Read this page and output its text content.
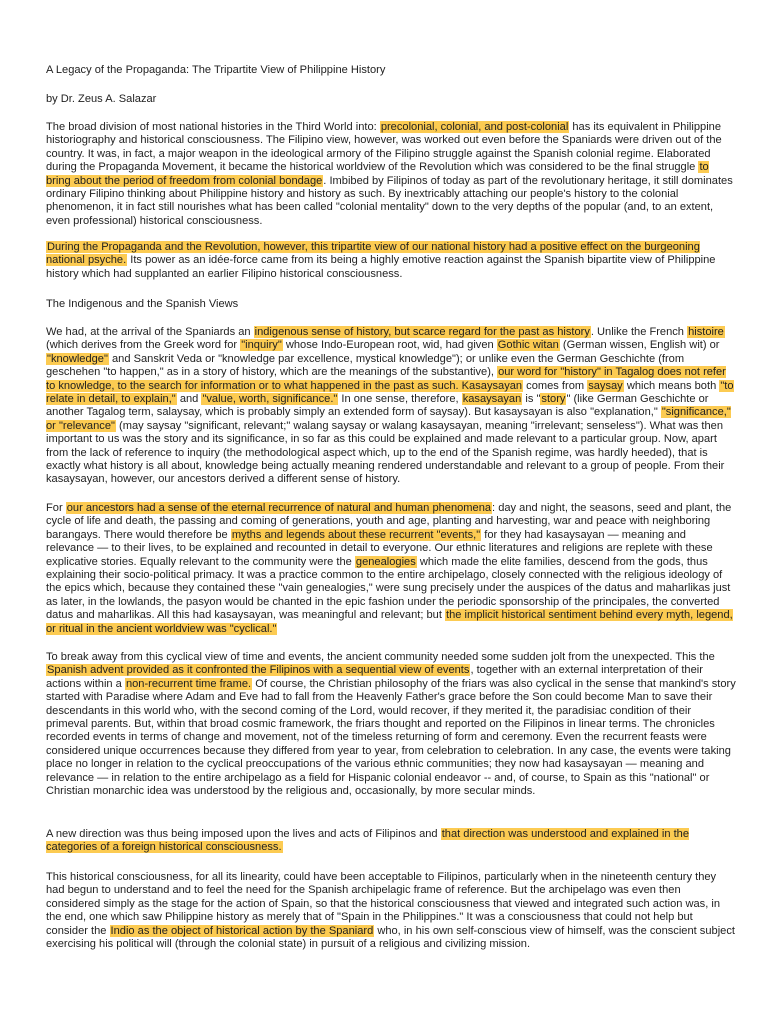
A Legacy of the Propaganda: The Tripartite View of Philippine History
by Dr. Zeus A. Salazar

The broad division of most national histories in the Third World into: precolonial, colonial, and post-colonial has its equivalent in Philippine historiography and historical consciousness. The Filipino view, however, was worked out even before the Spaniards were driven out of the country. It was, in fact, a major weapon in the ideological armory of the Filipino struggle against the Spanish colonial regime. Elaborated during the Propaganda Movement, it became the historical worldview of the Revolution which was considered to be the final struggle to bring about the period of freedom from colonial bondage. Imbibed by Filipinos of today as part of the revolutionary heritage, it still dominates ordinary Filipino thinking about Philippine history and history as such. By inextricably attaching our people's history to the colonial phenomenon, it in fact still nourishes what has been called "colonial mentality" down to the very depths of the popular (and, to an extent, even professional) historical consciousness.

During the Propaganda and the Revolution, however, this tripartite view of our national history had a positive effect on the burgeoning national psyche. Its power as an idée-force came from its being a highly emotive reaction against the Spanish bipartite view of Philippine history which had supplanted an earlier Filipino historical consciousness.

The Indigenous and the Spanish Views

We had, at the arrival of the Spaniards an indigenous sense of history, but scarce regard for the past as history. Unlike the French histoire (which derives from the Greek word for "inquiry" whose Indo-European root, wid, had given Gothic witan (German wissen, English wit) or "knowledge" and Sanskrit Veda or "knowledge par excellence, mystical knowledge"); or unlike even the German Geschichte (from geschehen "to happen," as in a story of history, which are the meanings of the substantive), our word for "history" in Tagalog does not refer to knowledge, to the search for information or to what happened in the past as such. Kasaysayan comes from saysay which means both "to relate in detail, to explain," and "value, worth, significance." In one sense, therefore, kasaysayan is "story" (like German Geschichte or another Tagalog term, salaysay, which is probably simply an extended form of saysay). But kasaysayan is also "explanation," "significance," or "relevance" (may saysay "significant, relevant;" walang saysay or walang kasaysayan, meaning "irrelevant; senseless"). What was then important to us was the story and its significance, in so far as this could be explained and made relevant to a particular group. Now, apart from the lack of reference to inquiry (the methodological aspect which, up to the end of the Spanish regime, was hardly heeded), that is exactly what history is all about, knowledge being actually meaning rendered understandable and relevant to a group of people. From their kasaysayan, however, our ancestors derived a different sense of history.

For our ancestors had a sense of the eternal recurrence of natural and human phenomena: day and night, the seasons, seed and plant, the cycle of life and death, the passing and coming of generations, youth and age, planting and harvesting, war and peace with neighboring barangays. There would therefore be myths and legends about these recurrent "events," for they had kasaysayan — meaning and relevance — to their lives, to be explained and recounted in detail to everyone. Our ethnic literatures and religions are replete with these explicative stories. Equally relevant to the community were the genealogies which made the elite families, descend from the gods, thus explaining their socio-political primacy. It was a practice common to the entire archipelago, closely connected with the religious ideology of the epics which, because they contained these "vain genealogies," were sung precisely under the auspices of the datus and maharlikas just as later, in the lowlands, the pasyon would be chanted in the epic fashion under the periodic sponsorship of the principales, the converted datus and maharlikas. All this had kasaysayan, was meaningful and relevant; but the implicit historical sentiment behind every myth, legend, or ritual in the ancient worldview was "cyclical."

To break away from this cyclical view of time and events, the ancient community needed some sudden jolt from the unexpected. This the Spanish advent provided as it confronted the Filipinos with a sequential view of events, together with an external interpretation of their actions within a non-recurrent time frame. Of course, the Christian philosophy of the friars was also cyclical in the sense that mankind's story started with Paradise where Adam and Eve had to fall from the Heavenly Father's grace before the Son could become Man to save their descendants in this world who, with the second coming of the Lord, would recover, if they merited it, the paradisiac condition of their primeval parents. But, within that broad cosmic framework, the friars thought and reported on the Filipinos in linear terms. The chronicles recorded events in terms of change and movement, not of the timeless returning of form and ceremony. Even the recurrent feasts were considered unique occurrences because they differed from year to year, from celebration to celebration. In any case, the events were taking place no longer in relation to the cyclical preoccupations of the various ethnic communities; they now had kasaysayan — meaning and relevance — in relation to the entire archipelago as a field for Hispanic colonial endeavor -- and, of course, to Spain as this "national" or Christian monarchic idea was understood by the religious and, occasionally, by more secular minds.

A new direction was thus being imposed upon the lives and acts of Filipinos and that direction was understood and explained in the categories of a foreign historical consciousness.

This historical consciousness, for all its linearity, could have been acceptable to Filipinos, particularly when in the nineteenth century they had begun to understand and to feel the need for the Spanish archipelagic frame of reference. But the archipelago was even then considered simply as the stage for the action of Spain, so that the historical consciousness that viewed and integrated such action was, in the end, one which saw Philippine history as merely that of "Spain in the Philippines." It was a consciousness that could not help but consider the Indio as the object of historical action by the Spaniard who, in his own self-conscious view of himself, was the conscient subject exercising his political will (through the colonial state) in pursuit of a religious and civilizing mission.
